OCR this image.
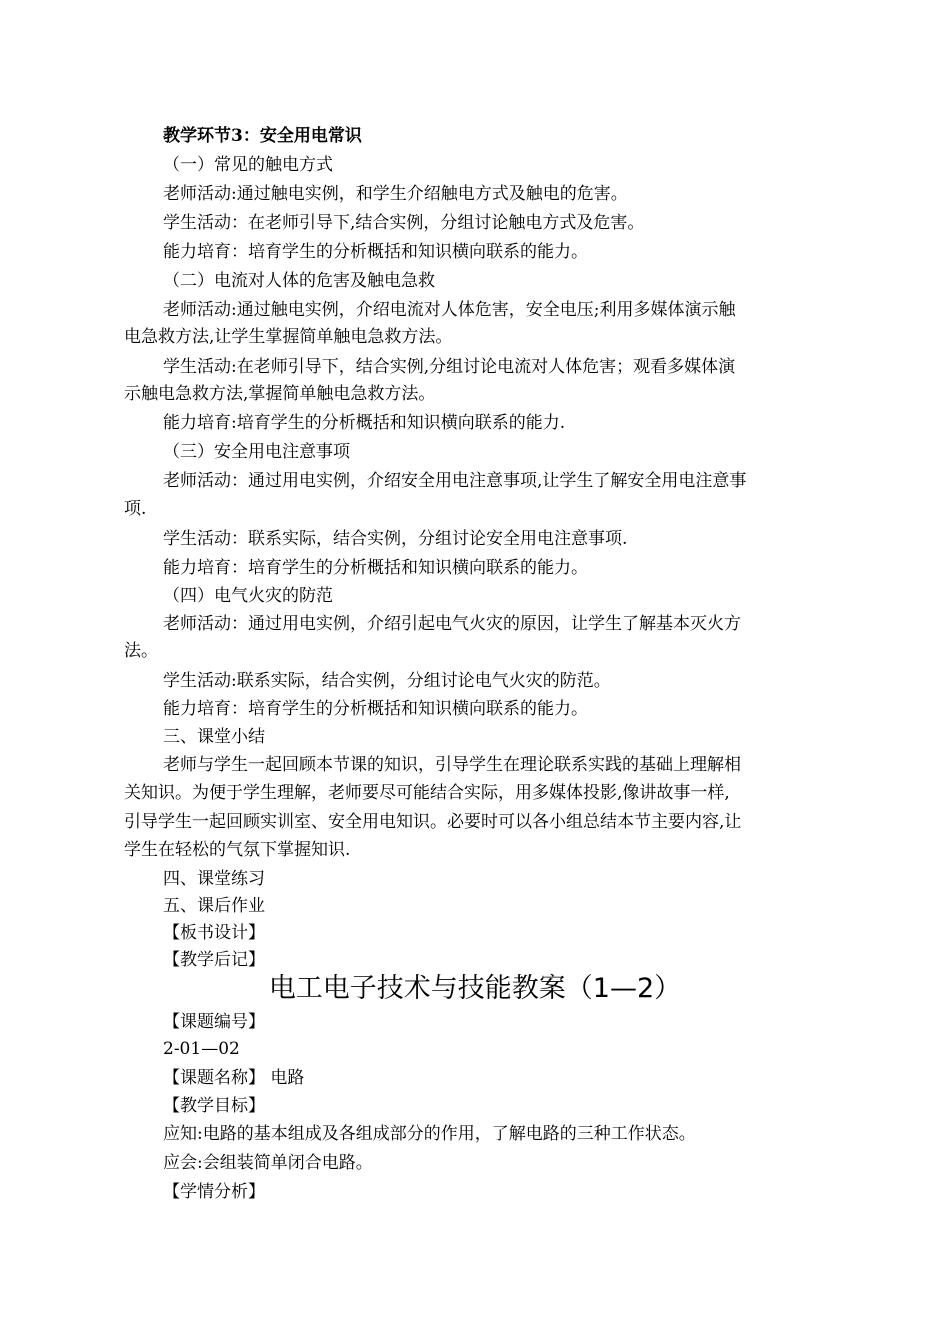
教学环节3：安全用电常识
（一）常见的触电方式
老师活动:通过触电实例，和学生介绍触电方式及触电的危害。
学生活动：在老师引导下,结合实例，分组讨论触电方式及危害。
能力培育：培育学生的分析概括和知识横向联系的能力。
（二）电流对人体的危害及触电急救
老师活动:通过触电实例，介绍电流对人体危害，安全电压;利用多媒体演示触
电急救方法,让学生掌握简单触电急救方法。
学生活动:在老师引导下，结合实例,分组讨论电流对人体危害；观看多媒体演
示触电急救方法,掌握简单触电急救方法。
能力培育:培育学生的分析概括和知识横向联系的能力.
（三）安全用电注意事项
老师活动：通过用电实例，介绍安全用电注意事项,让学生了解安全用电注意事
项.
学生活动：联系实际，结合实例，分组讨论安全用电注意事项.
能力培育：培育学生的分析概括和知识横向联系的能力。
（四）电气火灾的防范
老师活动：通过用电实例，介绍引起电气火灾的原因，让学生了解基本灭火方
法。
学生活动:联系实际，结合实例，分组讨论电气火灾的防范。
能力培育：培育学生的分析概括和知识横向联系的能力。
三、课堂小结
老师与学生一起回顾本节课的知识，引导学生在理论联系实践的基础上理解相
关知识。为便于学生理解，老师要尽可能结合实际，用多媒体投影,像讲故事一样,
引导学生一起回顾实训室、安全用电知识。必要时可以各小组总结本节主要内容,让
学生在轻松的气氛下掌握知识.
四、课堂练习
五、课后作业
【板书设计】
【教学后记】
电工电子技术与技能教案（1—2）
【课题编号】
2-01—02
【课题名称】 电路
【教学目标】
应知:电路的基本组成及各组成部分的作用，了解电路的三种工作状态。
应会:会组装简单闭合电路。
【学情分析】
